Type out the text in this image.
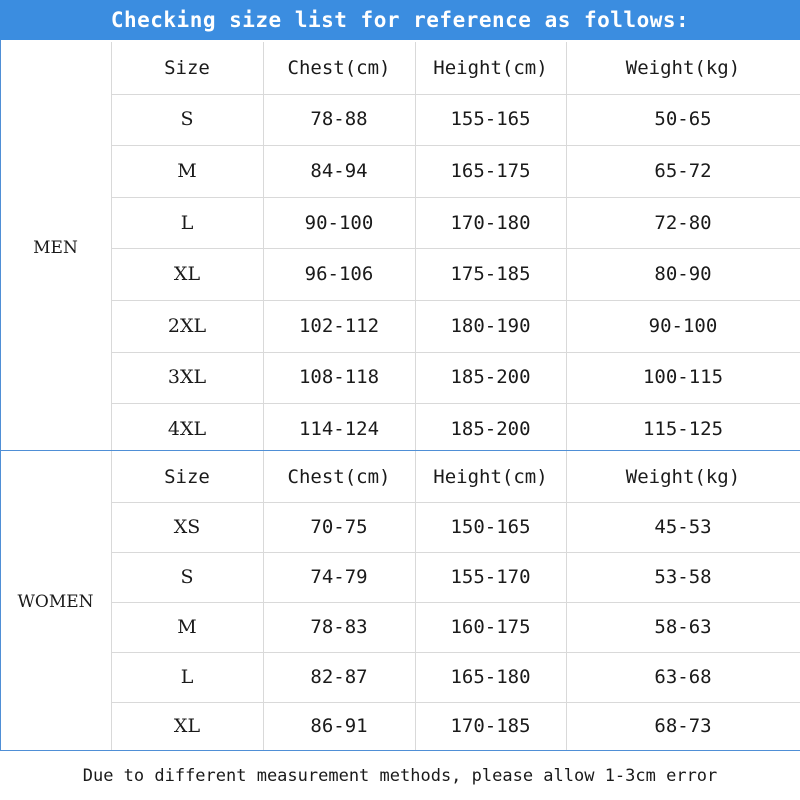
Checking size list for reference as follows:
MEN
Size	Chest(cm)	Height(cm)	Weight(kg)
S	78-88	155-165	50-65
M	84-94	165-175	65-72
L	90-100	170-180	72-80
XL	96-106	175-185	80-90
2XL	102-112	180-190	90-100
3XL	108-118	185-200	100-115
4XL	114-124	185-200	115-125
WOMEN
Size	Chest(cm)	Height(cm)	Weight(kg)
XS	70-75	150-165	45-53
S	74-79	155-170	53-58
M	78-83	160-175	58-63
L	82-87	165-180	63-68
XL	86-91	170-185	68-73
Due to different measurement methods, please allow 1-3cm error
